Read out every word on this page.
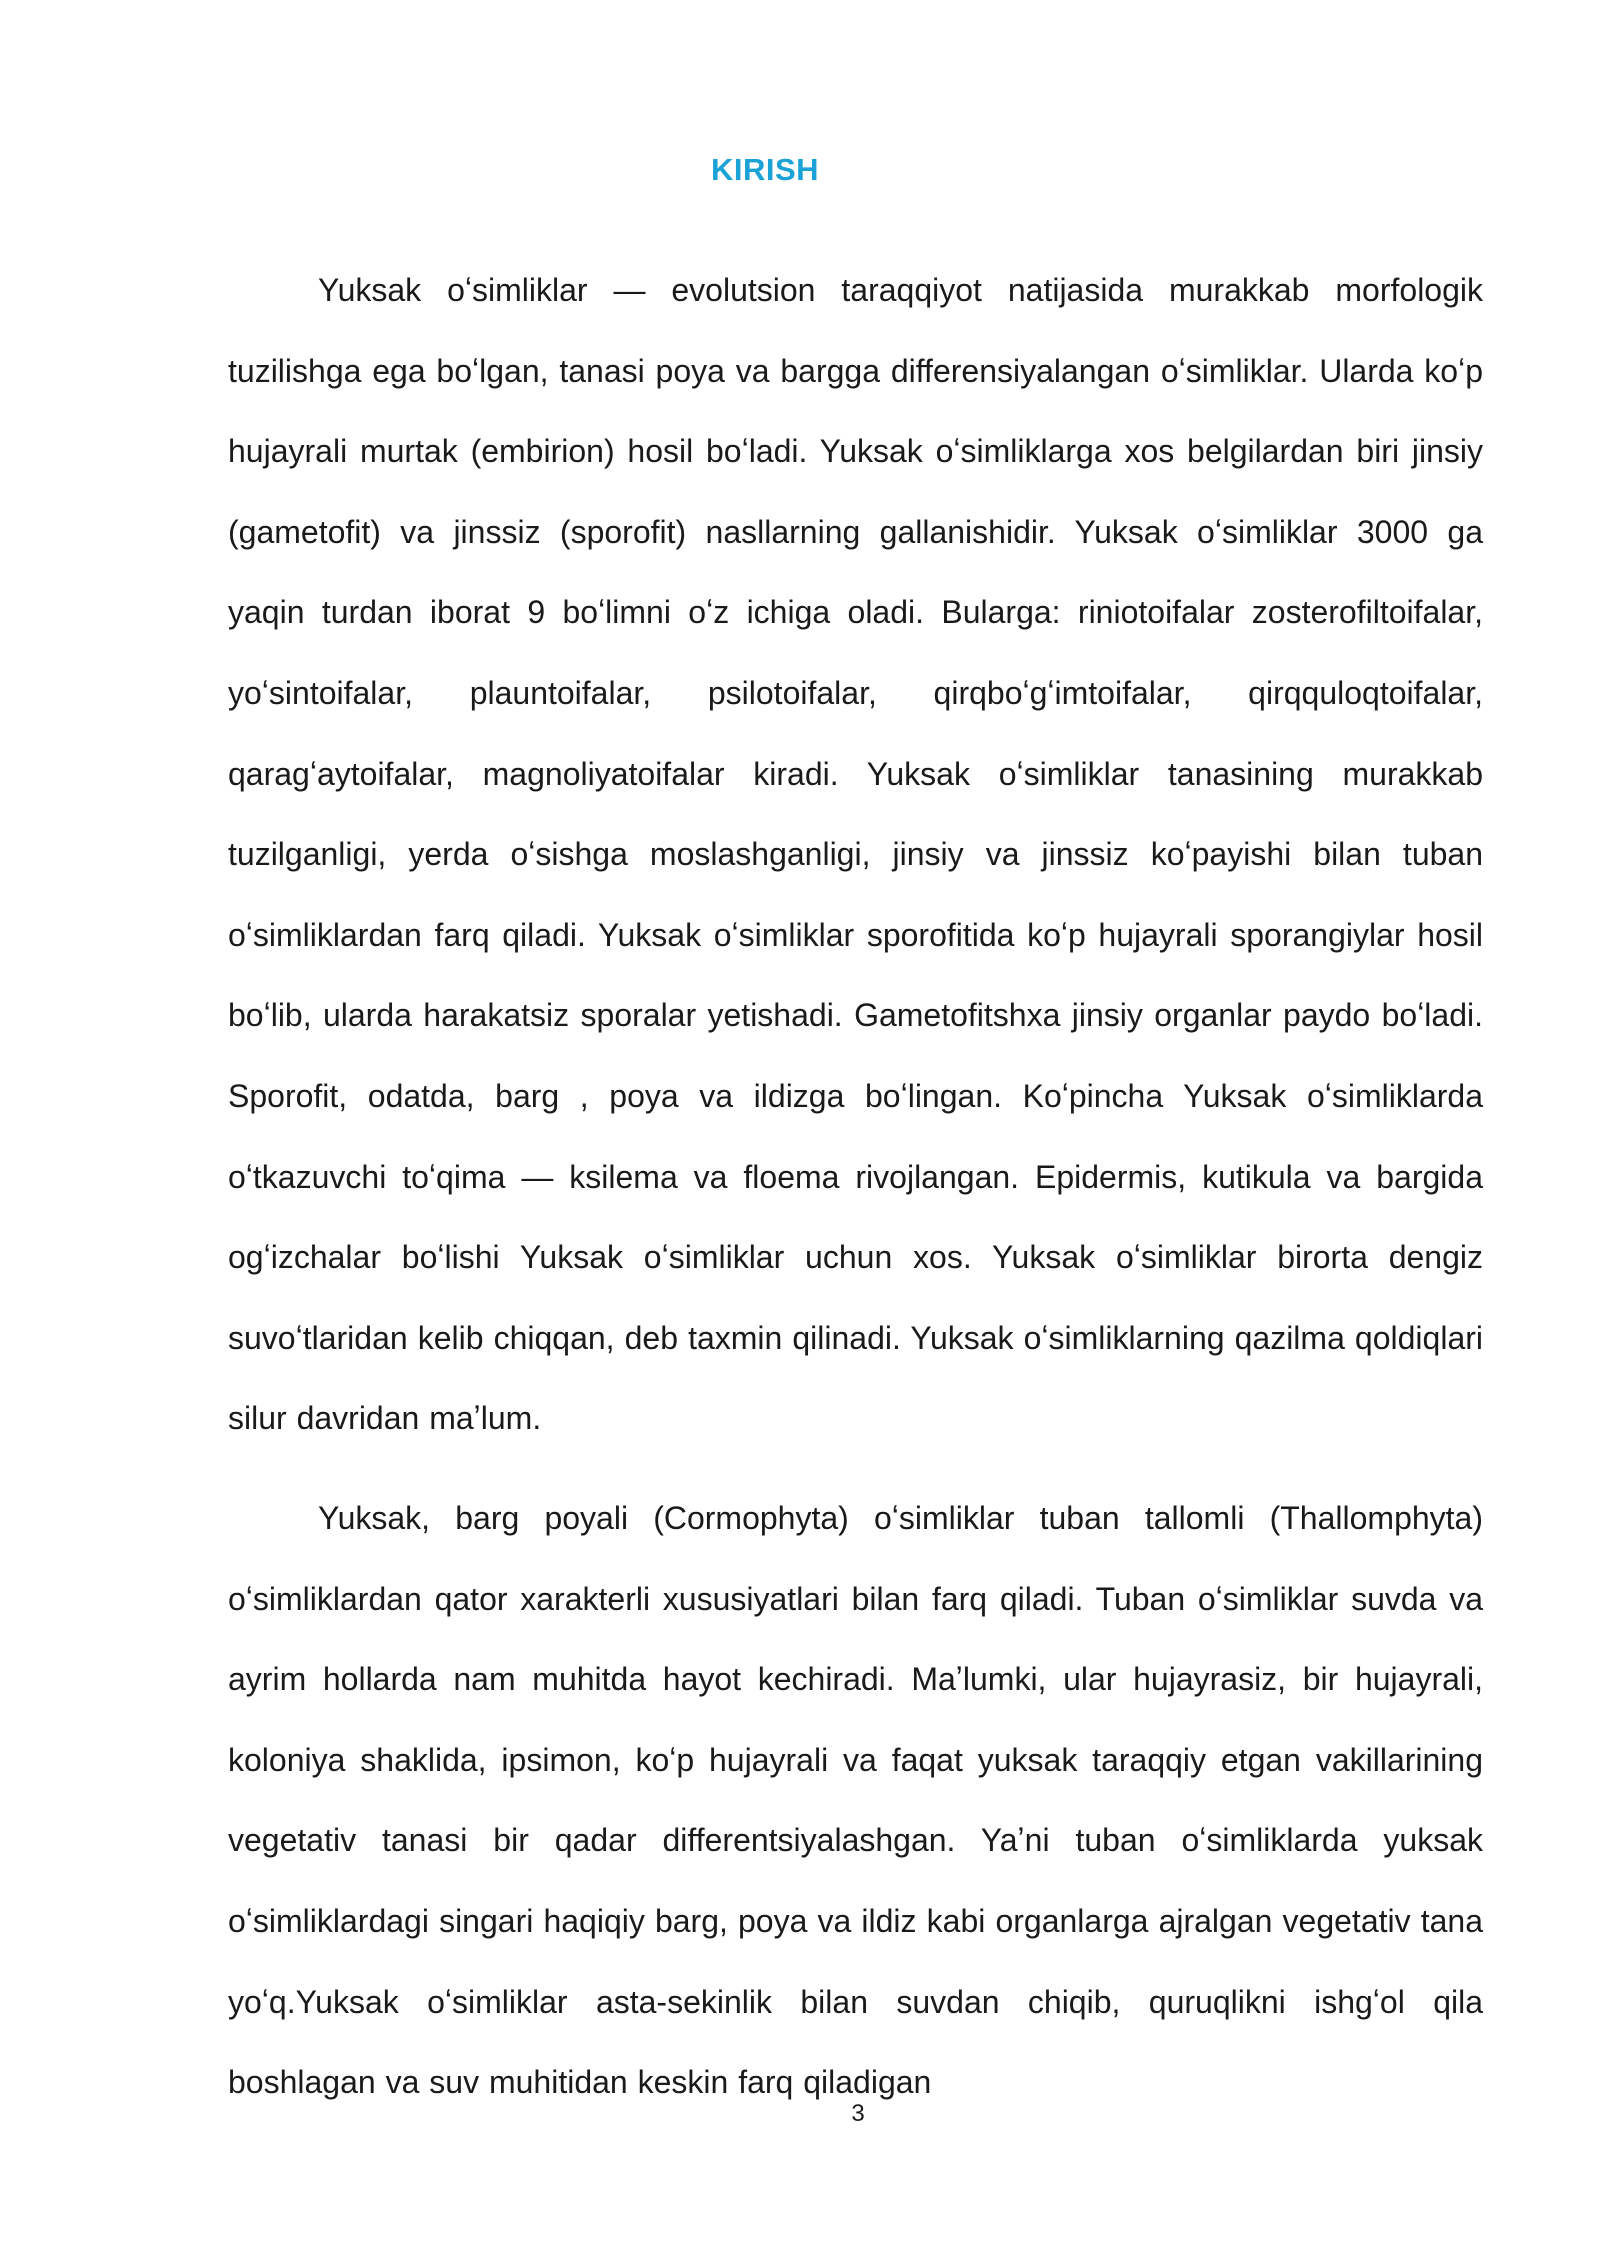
KIRISH

Yuksak oʻsimliklar — evolutsion taraqqiyot natijasida murakkab morfologik tuzilishga ega boʻlgan, tanasi poya va bargga differensiyalangan oʻsimliklar. Ularda koʻp hujayrali murtak (embirion) hosil boʻladi. Yuksak oʻsimliklarga xos belgilardan biri jinsiy (gametofit) va jinssiz (sporofit) nasllarning gallanishidir. Yuksak oʻsimliklar 3000 ga yaqin turdan iborat 9 boʻlimni oʻz ichiga oladi. Bularga: riniotoifalar zosterofiltoifalar, yoʻsintoifalar, plauntoifalar, psilotoifalar, qirqboʻgʻimtoifalar, qirqquloqtoifalar, qaragʻaytoifalar, magnoliyatoifalar kiradi. Yuksak oʻsimliklar tanasining murakkab tuzilganligi, yerda oʻsishga moslashganligi, jinsiy va jinssiz koʻpayishi bilan tuban oʻsimliklardan farq qiladi. Yuksak oʻsimliklar sporofitida koʻp hujayrali sporangiylar hosil boʻlib, ularda harakatsiz sporalar yetishadi. Gametofitshxa jinsiy organlar paydo boʻladi. Sporofit, odatda, barg , poya va ildizga boʻlingan. Koʻpincha Yuksak oʻsimliklarda oʻtkazuvchi toʻqima — ksilema va floema rivojlangan. Epidermis, kutikula va bargida ogʻizchalar boʻlishi Yuksak oʻsimliklar uchun xos. Yuksak oʻsimliklar birorta dengiz suvoʻtlaridan kelib chiqqan, deb taxmin qilinadi. Yuksak oʻsimliklarning qazilma qoldiqlari silur davridan maʼlum.

Yuksak, barg poyali (Cormophyta) oʻsimliklar tuban tallomli (Thallomphyta) oʻsimliklardan qator xarakterli xususiyatlari bilan farq qiladi. Tuban oʻsimliklar suvda va ayrim hollarda nam muhitda hayot kechiradi. Maʼlumki, ular hujayrasiz, bir hujayrali, koloniya shaklida, ipsimon, koʻp hujayrali va faqat yuksak taraqqiy etgan vakillarining vegetativ tanasi bir qadar differentsiyalashgan. Yaʼni tuban oʻsimliklarda yuksak oʻsimliklardagi singari haqiqiy barg, poya va ildiz kabi organlarga ajralgan vegetativ tana yoʻq.Yuksak oʻsimliklar asta-sekinlik bilan suvdan chiqib, quruqlikni ishgʻol qila boshlagan va suv muhitidan keskin farq qiladigan

3
